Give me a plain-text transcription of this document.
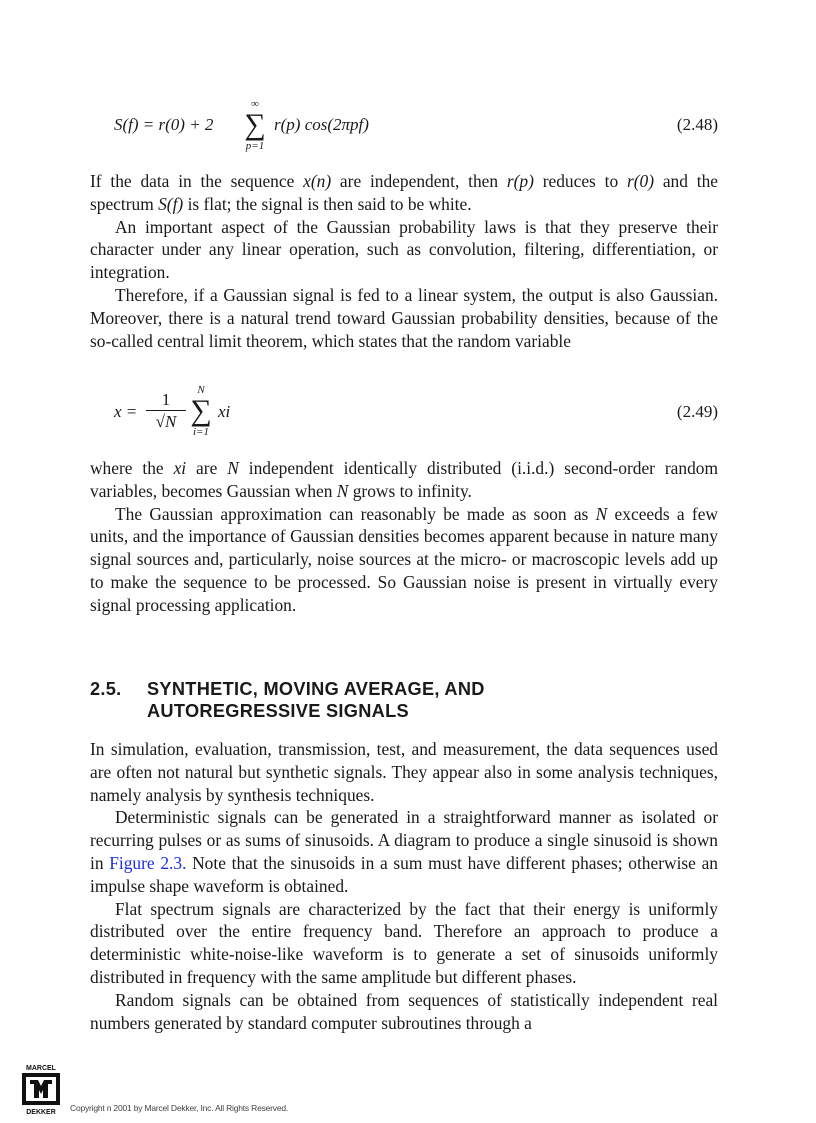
S(f) = r(0) + 2
∞
∑
p=1
r(p) cos(2πpf)	(2.48)

If the data in the sequence x(n) are independent, then r(p) reduces to r(0) and the spectrum S(f) is flat; the signal is then said to be white.

An important aspect of the Gaussian probability laws is that they preserve their character under any linear operation, such as convolution, filtering, differentiation, or integration.

Therefore, if a Gaussian signal is fed to a linear system, the output is also Gaussian. Moreover, there is a natural trend toward Gaussian probability densities, because of the so-called central limit theorem, which states that the random variable

$x = \frac{1}{√N}$	N
∑
i=1
xi	(2.49)

where the xi are N independent identically distributed (i.i.d.) second-order random variables, becomes Gaussian when N grows to infinity.

The Gaussian approximation can reasonably be made as soon as N exceeds a few units, and the importance of Gaussian densities becomes apparent because in nature many signal sources and, particularly, noise sources at the micro- or macroscopic levels add up to make the sequence to be processed. So Gaussian noise is present in virtually every signal processing application.

2.5. SYNTHETIC, MOVING AVERAGE, AND
AUTOREGRESSIVE SIGNALS

In simulation, evaluation, transmission, test, and measurement, the data sequences used are often not natural but synthetic signals. They appear also in some analysis techniques, namely analysis by synthesis techniques.

Deterministic signals can be generated in a straightforward manner as isolated or recurring pulses or as sums of sinusoids. A diagram to produce a single sinusoid is shown in Figure 2.3. Note that the sinusoids in a sum must have different phases; otherwise an impulse shape waveform is obtained.

Flat spectrum signals are characterized by the fact that their energy is uniformly distributed over the entire frequency band. Therefore an approach to produce a deterministic white-noise-like waveform is to generate a set of sinusoids uniformly distributed in frequency with the same amplitude but different phases.

Random signals can be obtained from sequences of statistically independent real numbers generated by standard computer subroutines through a

MARCEL
DEKKER Copyright n 2001 by Marcel Dekker, Inc. All Rights Reserved.
